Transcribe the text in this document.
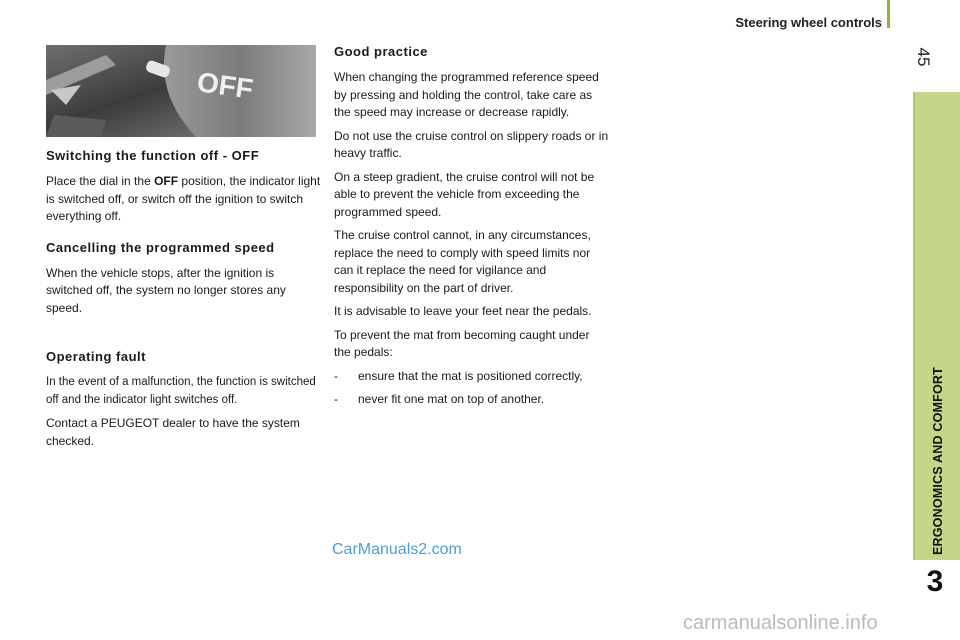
Steering wheel controls
45
ERGONOMICS AND COMFORT
3
OFF
Switching the function off - OFF

Place the dial in the OFF position, the indicator light is switched off, or switch off the ignition to switch everything off.

Cancelling the programmed speed

When the vehicle stops, after the ignition is switched off, the system no longer stores any speed.

Operating fault

In the event of a malfunction, the function is switched off and the indicator light switches off.

Contact a PEUGEOT dealer to have the system checked.

Good practice

When changing the programmed reference speed by pressing and holding the control, take care as the speed may increase or decrease rapidly.

Do not use the cruise control on slippery roads or in heavy traffic.

On a steep gradient, the cruise control will not be able to prevent the vehicle from exceeding the programmed speed.

The cruise control cannot, in any circumstances, replace the need to comply with speed limits nor can it replace the need for vigilance and responsibility on the part of driver.

It is advisable to leave your feet near the pedals.

To prevent the mat from becoming caught under the pedals:

-	ensure that the mat is positioned correctly,
-	never fit one mat on top of another.
CarManuals2.com
carmanualsonline.info
